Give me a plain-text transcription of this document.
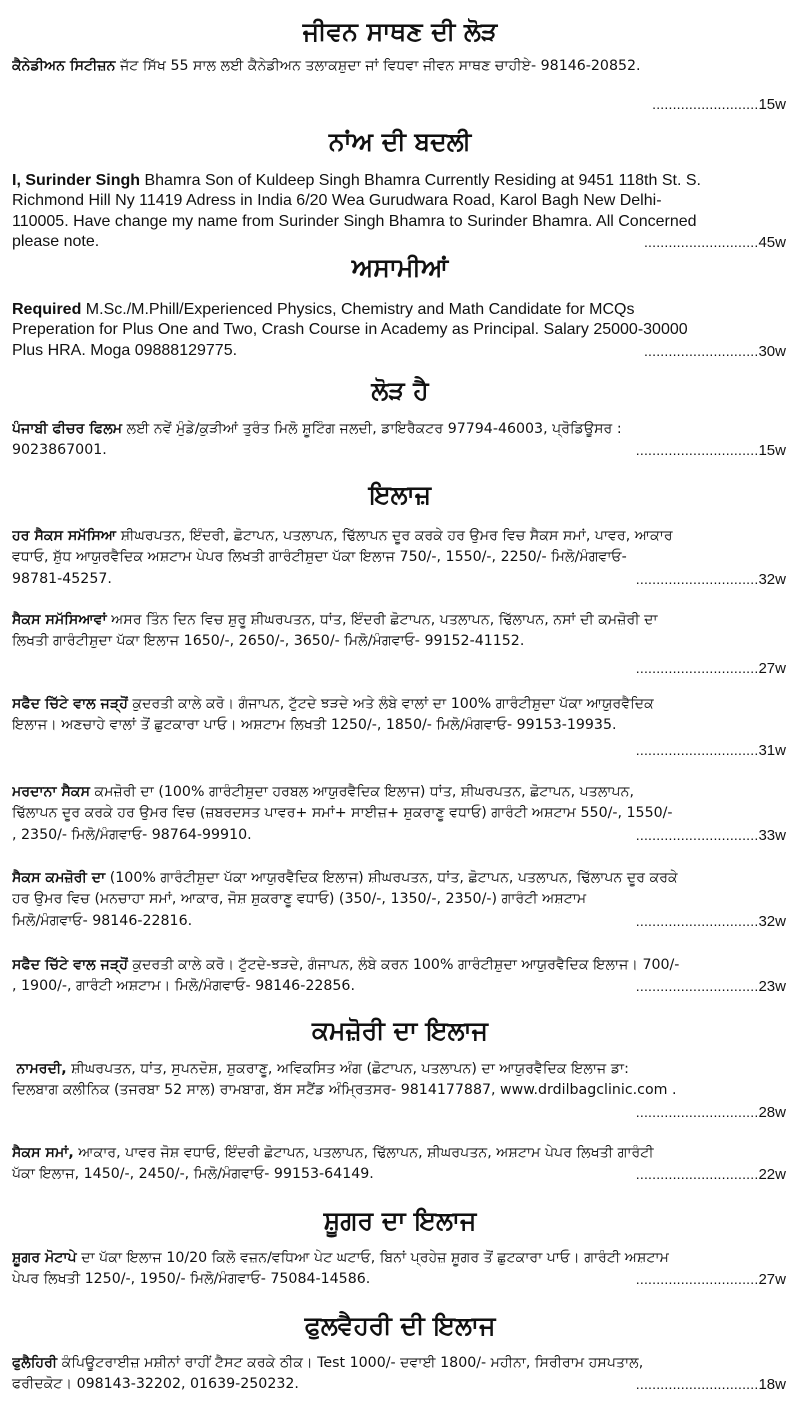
ਜੀਵਨ ਸਾਥਣ ਦੀ ਲੋੜ
ਕੈਨੇਡੀਅਨ ਸਿਟੀਜ਼ਨ ਜੱਟ ਸਿੱਖ 55 ਸਾਲ ਲਈ ਕੈਨੇਡੀਅਨ ਤਲਾਕਸ਼ੁਦਾ ਜਾਂ ਵਿਧਵਾ ਜੀਵਨ ਸਾਥਣ ਚਾਹੀਏ- 98146-20852.
..........................15w
ਨਾਂਅ ਦੀ ਬਦਲੀ
I, Surinder Singh Bhamra Son of Kuldeep Singh Bhamra Currently Residing at 9451 118th St. S.
Richmond Hill Ny 11419 Adress in India 6/20 Wea Gurudwara Road, Karol Bagh New Delhi-
110005. Have change my name from Surinder Singh Bhamra to Surinder Bhamra. All Concerned
please note.	............................45w
ਅਸਾਮੀਆਂ
Required M.Sc./M.Phill/Experienced Physics, Chemistry and Math Candidate for MCQs
Preperation for Plus One and Two, Crash Course in Academy as Principal. Salary 25000-30000
Plus HRA. Moga 09888129775.	............................30w
ਲੋੜ ਹੈ
ਪੰਜਾਬੀ ਫੀਚਰ ਫਿਲਮ ਲਈ ਨਵੇਂ ਮੁੰਡੇ/ਕੁੜੀਆਂ ਤੁਰੰਤ ਮਿਲੋ ਸ਼ੂਟਿੰਗ ਜਲਦੀ, ਡਾਇਰੈਕਟਰ 97794-46003, ਪ੍ਰੋਡਿਊਸਰ :
9023867001.	..............................15w
ਇਲਾਜ਼
ਹਰ ਸੈਕਸ ਸਮੱਸਿਆ ਸ਼ੀਘਰਪਤਨ, ਇੰਦਰੀ, ਛੋਟਾਪਨ, ਪਤਲਾਪਨ, ਢਿੱਲਾਪਨ ਦੂਰ ਕਰਕੇ ਹਰ ਉਮਰ ਵਿਚ ਸੈਕਸ ਸਮਾਂ, ਪਾਵਰ, ਆਕਾਰ
ਵਧਾਓ, ਸ਼ੁੱਧ ਆਯੁਰਵੈਦਿਕ ਅਸ਼ਟਾਮ ਪੇਪਰ ਲਿਖਤੀ ਗਾਰੰਟੀਸ਼ੁਦਾ ਪੱਕਾ ਇਲਾਜ 750/-, 1550/-, 2250/- ਮਿਲੋ/ਮੰਗਵਾਓ-
98781-45257.	..............................32w
ਸੈਕਸ ਸਮੱਸਿਆਵਾਂ ਅਸਰ ਤਿੰਨ ਦਿਨ ਵਿਚ ਸ਼ੁਰੂ ਸ਼ੀਘਰਪਤਨ, ਧਾਂਤ, ਇੰਦਰੀ ਛੋਟਾਪਨ, ਪਤਲਾਪਨ, ਢਿੱਲਾਪਨ, ਨਸਾਂ ਦੀ ਕਮਜ਼ੋਰੀ ਦਾ
ਲਿਖਤੀ ਗਾਰੰਟੀਸ਼ੁਦਾ ਪੱਕਾ ਇਲਾਜ 1650/-, 2650/-, 3650/- ਮਿਲੋ/ਮੰਗਵਾਓ- 99152-41152.
..............................27w
ਸਫੈਦ ਚਿੱਟੇ ਵਾਲ ਜੜ੍ਹੋਂ ਕੁਦਰਤੀ ਕਾਲੇ ਕਰੋ। ਗੰਜਾਪਨ, ਟੁੱਟਦੇ ਝੜਦੇ ਅਤੇ ਲੰਬੇ ਵਾਲਾਂ ਦਾ 100% ਗਾਰੰਟੀਸ਼ੁਦਾ ਪੱਕਾ ਆਯੁਰਵੈਦਿਕ
ਇਲਾਜ। ਅਣਚਾਹੇ ਵਾਲਾਂ ਤੋਂ ਛੁਟਕਾਰਾ ਪਾਓ। ਅਸ਼ਟਾਮ ਲਿਖਤੀ 1250/-, 1850/- ਮਿਲੋ/ਮੰਗਵਾਓ- 99153-19935.
..............................31w
ਮਰਦਾਨਾ ਸੈਕਸ ਕਮਜ਼ੋਰੀ ਦਾ (100% ਗਾਰੰਟੀਸ਼ੁਦਾ ਹਰਬਲ ਆਯੁਰਵੈਦਿਕ ਇਲਾਜ) ਧਾਂਤ, ਸ਼ੀਘਰਪਤਨ, ਛੋਟਾਪਨ, ਪਤਲਾਪਨ,
ਢਿੱਲਾਪਨ ਦੂਰ ਕਰਕੇ ਹਰ ਉਮਰ ਵਿਚ (ਜ਼ਬਰਦਸਤ ਪਾਵਰ+ ਸਮਾਂ+ ਸਾਈਜ਼+ ਸ਼ੁਕਰਾਣੂ ਵਧਾਓ) ਗਾਰੰਟੀ ਅਸ਼ਟਾਮ 550/-, 1550/-
, 2350/- ਮਿਲੋ/ਮੰਗਵਾਓ- 98764-99910.	..............................33w
ਸੈਕਸ ਕਮਜ਼ੋਰੀ ਦਾ (100% ਗਾਰੰਟੀਸ਼ੁਦਾ ਪੱਕਾ ਆਯੁਰਵੈਦਿਕ ਇਲਾਜ) ਸ਼ੀਘਰਪਤਨ, ਧਾਂਤ, ਛੋਟਾਪਨ, ਪਤਲਾਪਨ, ਢਿੱਲਾਪਨ ਦੂਰ ਕਰਕੇ
ਹਰ ਉਮਰ ਵਿਚ (ਮਨਚਾਹਾ ਸਮਾਂ, ਆਕਾਰ, ਜੋਸ਼ ਸ਼ੁਕਰਾਣੂ ਵਧਾਓ) (350/-, 1350/-, 2350/-) ਗਾਰੰਟੀ ਅਸ਼ਟਾਮ
ਮਿਲੋ/ਮੰਗਵਾਓ- 98146-22816.	..............................32w
ਸਫੈਦ ਚਿੱਟੇ ਵਾਲ ਜੜ੍ਹੋਂ ਕੁਦਰਤੀ ਕਾਲੇ ਕਰੋ। ਟੁੱਟਦੇ-ਝੜਦੇ, ਗੰਜਾਪਨ, ਲੰਬੇ ਕਰਨ 100% ਗਾਰੰਟੀਸ਼ੁਦਾ ਆਯੁਰਵੈਦਿਕ ਇਲਾਜ। 700/-
, 1900/-, ਗਾਰੰਟੀ ਅਸ਼ਟਾਮ। ਮਿਲੋ/ਮੰਗਵਾਓ- 98146-22856.	..............................23w
ਕਮਜ਼ੋਰੀ ਦਾ ਇਲਾਜ
ਨਾਮਰਦੀ, ਸ਼ੀਘਰਪਤਨ, ਧਾਂਤ, ਸੁਪਨਦੋਸ਼, ਸ਼ੁਕਰਾਣੂ, ਅਵਿਕਸਿਤ ਅੰਗ (ਛੋਟਾਪਨ, ਪਤਲਾਪਨ) ਦਾ ਆਯੁਰਵੈਦਿਕ ਇਲਾਜ ਡਾ:
ਦਿਲਬਾਗ ਕਲੀਨਿਕ (ਤਜਰਬਾ 52 ਸਾਲ) ਰਾਮਬਾਗ, ਬੱਸ ਸਟੈਂਡ ਅੰਮ੍ਰਿਤਸਰ- 9814177887, www.drdilbagclinic.com .
..............................28w
ਸੈਕਸ ਸਮਾਂ, ਆਕਾਰ, ਪਾਵਰ ਜੋਸ਼ ਵਧਾਓ, ਇੰਦਰੀ ਛੋਟਾਪਨ, ਪਤਲਾਪਨ, ਢਿੱਲਾਪਨ, ਸ਼ੀਘਰਪਤਨ, ਅਸ਼ਟਾਮ ਪੇਪਰ ਲਿਖਤੀ ਗਾਰੰਟੀ
ਪੱਕਾ ਇਲਾਜ, 1450/-, 2450/-, ਮਿਲੋ/ਮੰਗਵਾਓ- 99153-64149.	..............................22w
ਸ਼ੂਗਰ ਦਾ ਇਲਾਜ
ਸ਼ੂਗਰ ਮੋਟਾਪੇ ਦਾ ਪੱਕਾ ਇਲਾਜ 10/20 ਕਿਲੋ ਵਜ਼ਨ/ਵਧਿਆ ਪੇਟ ਘਟਾਓ, ਬਿਨਾਂ ਪ੍ਰਹੇਜ਼ ਸ਼ੂਗਰ ਤੋਂ ਛੁਟਕਾਰਾ ਪਾਓ। ਗਾਰੰਟੀ ਅਸ਼ਟਾਮ
ਪੇਪਰ ਲਿਖਤੀ 1250/-, 1950/- ਮਿਲੋ/ਮੰਗਵਾਓ- 75084-14586.	..............................27w
ਫੁਲਵੈਹਰੀ ਦੀ ਇਲਾਜ
ਫੁਲੈਹਿਰੀ ਕੰਪਿਊਟਰਾਈਜ਼ ਮਸ਼ੀਨਾਂ ਰਾਹੀਂ ਟੈਸਟ ਕਰਕੇ ਠੀਕ। Test 1000/- ਦਵਾਈ 1800/- ਮਹੀਨਾ, ਸਿਰੀਰਾਮ ਹਸਪਤਾਲ,
ਫਰੀਦਕੋਟ। 098143-32202, 01639-250232.	..............................18w
